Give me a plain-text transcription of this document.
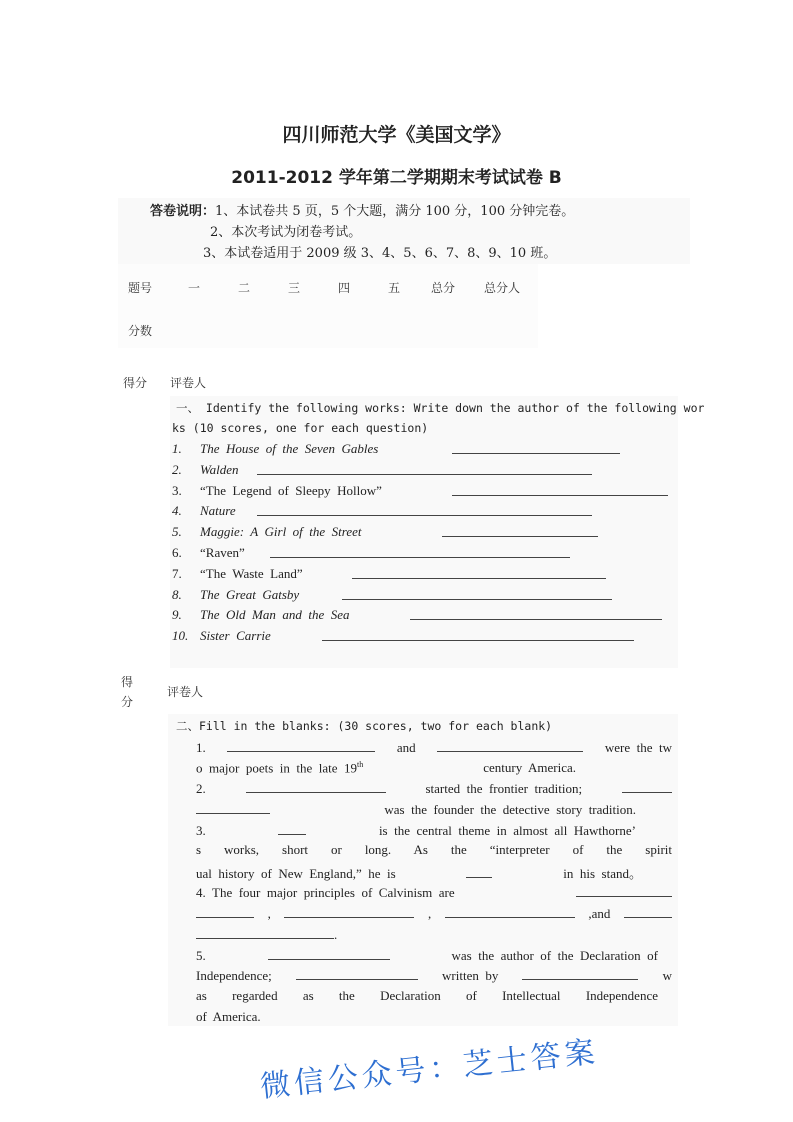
四川师范大学《美国文学》
2011-2012 学年第二学期期末考试试卷 B
答卷说明：1、本试卷共 5 页，5 个大题，满分 100 分，100 分钟完卷。
2、本次考试为闭卷考试。
3、本试卷适用于 2009 级 3、4、5、6、7、8、9、10 班。
题号	一	二	三	四	五	总分 总分人
分数
得分 评卷人
一、 Identify the following works: Write down the author of the following wor
ks (10 scores, one for each question)
1.	The  House  of  the  Seven  Gables
2.	Walden
3.	“The  Legend  of  Sleepy  Hollow”
4.	Nature
5.	Maggie:  A  Girl  of  the  Street
6.	“Raven”
7.	“The  Waste  Land”
8.	The  Great  Gatsby
9.	The  Old  Man  and  the  Sea
10. Sister  Carrie
得分
评卷人
二、Fill in the blanks: (30 scores, two for each blank)
1.	and	were  the  tw
o  major  poets  in  the  late  19th	century  America.
2.	started  the  frontier  tradition;
was  the  founder  the  detective  story  tradition.
3.	is  the  central  theme  in  almost  all  Hawthorne’
s works, short or long. As the “interpreter of the spirit
ual  history  of  New  England,”  he  is	in  his  stand。
4.  The  four  major  principles  of  Calvinism  are
,	,	,and
.
5.	was  the  author  of  the  Declaration  of
Independence;	written  by	w
as regarded as the Declaration of Intellectual Independence
of  America.
微信公众号：芝士答案
